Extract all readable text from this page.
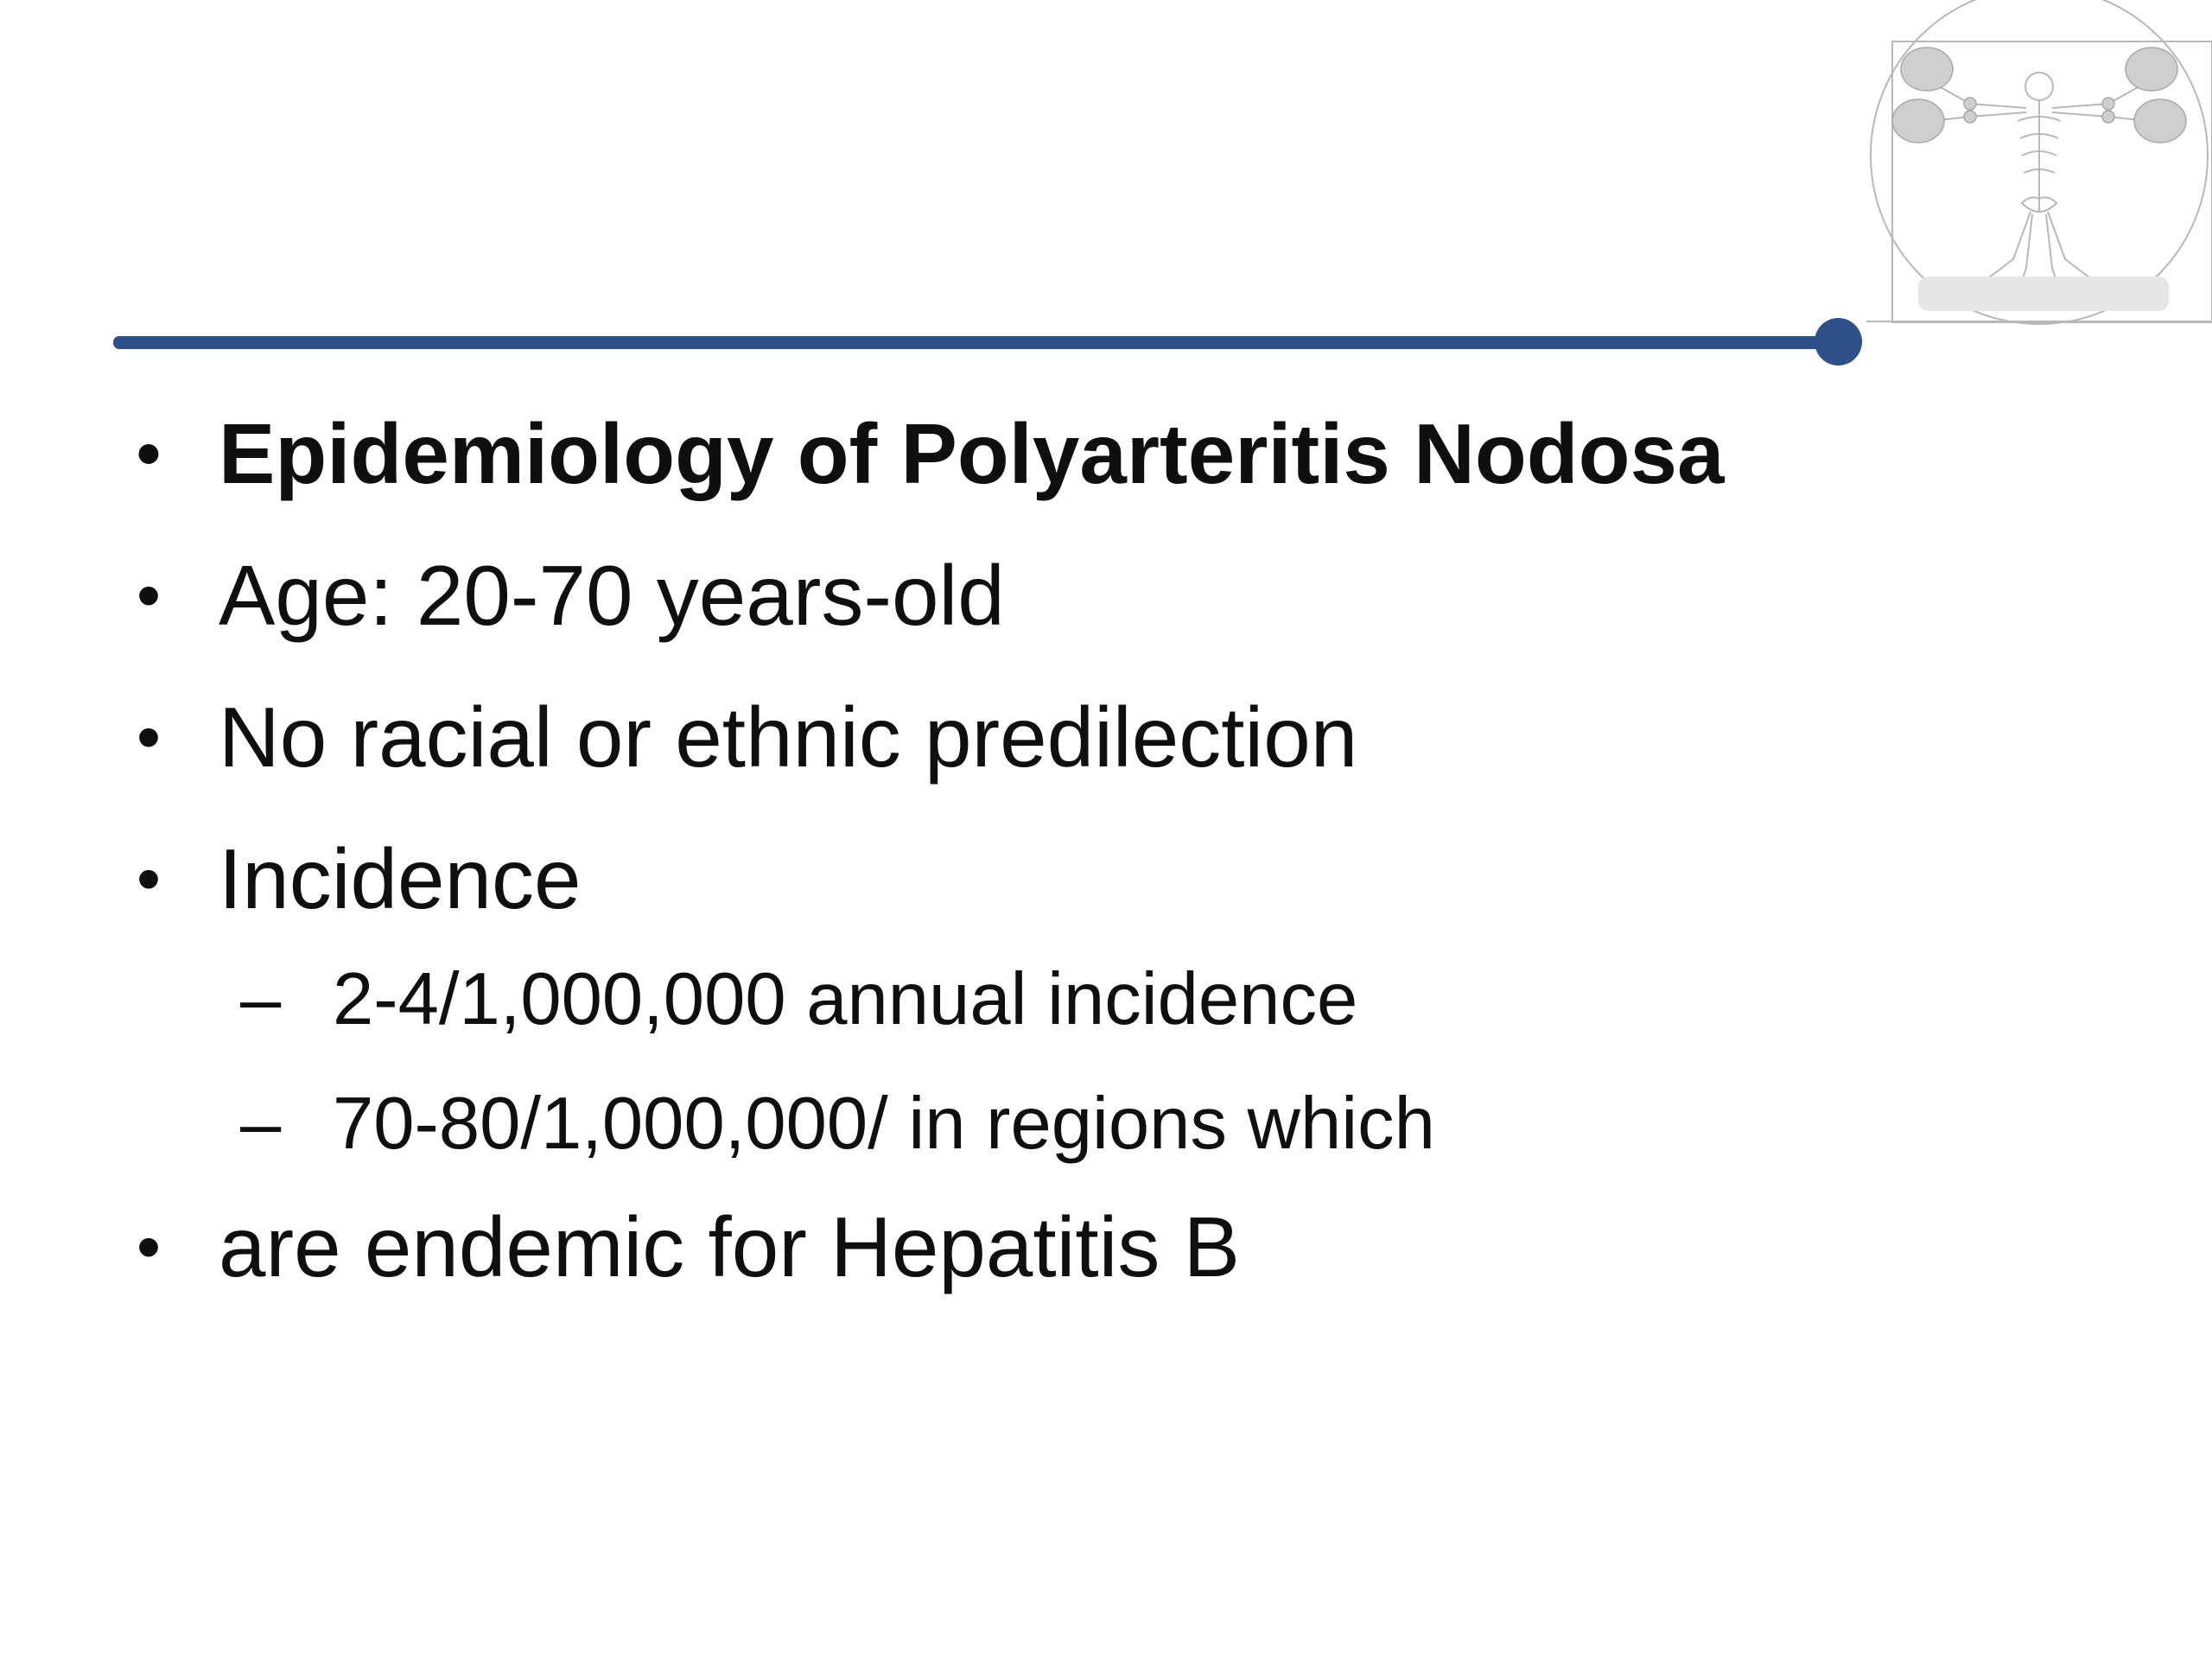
• Epidemiology of Polyarteritis Nodosa
• Age: 20-70 years-old
• No racial or ethnic predilection
• Incidence
– 2-4/1,000,000 annual incidence
– 70-80/1,000,000/ in regions which
• are endemic for Hepatitis B
